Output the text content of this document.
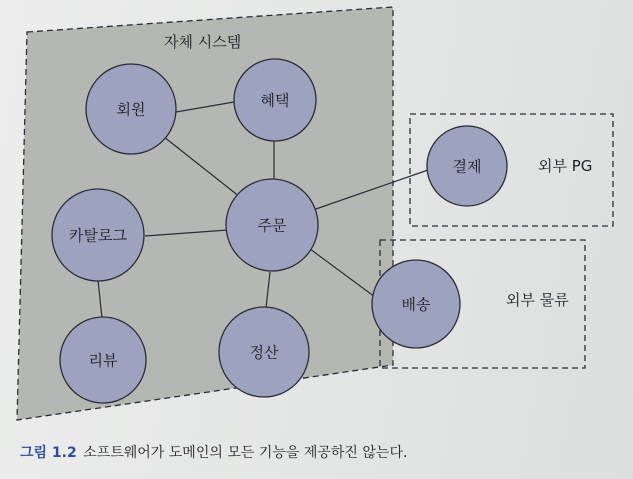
자체 시스템
외부 PG
외부 물류
회원	혜택
카탈로그
주문
리뷰	정산
결제
배송

그림 1.2 소프트웨어가 도메인의 모든 기능을 제공하진 않는다.
